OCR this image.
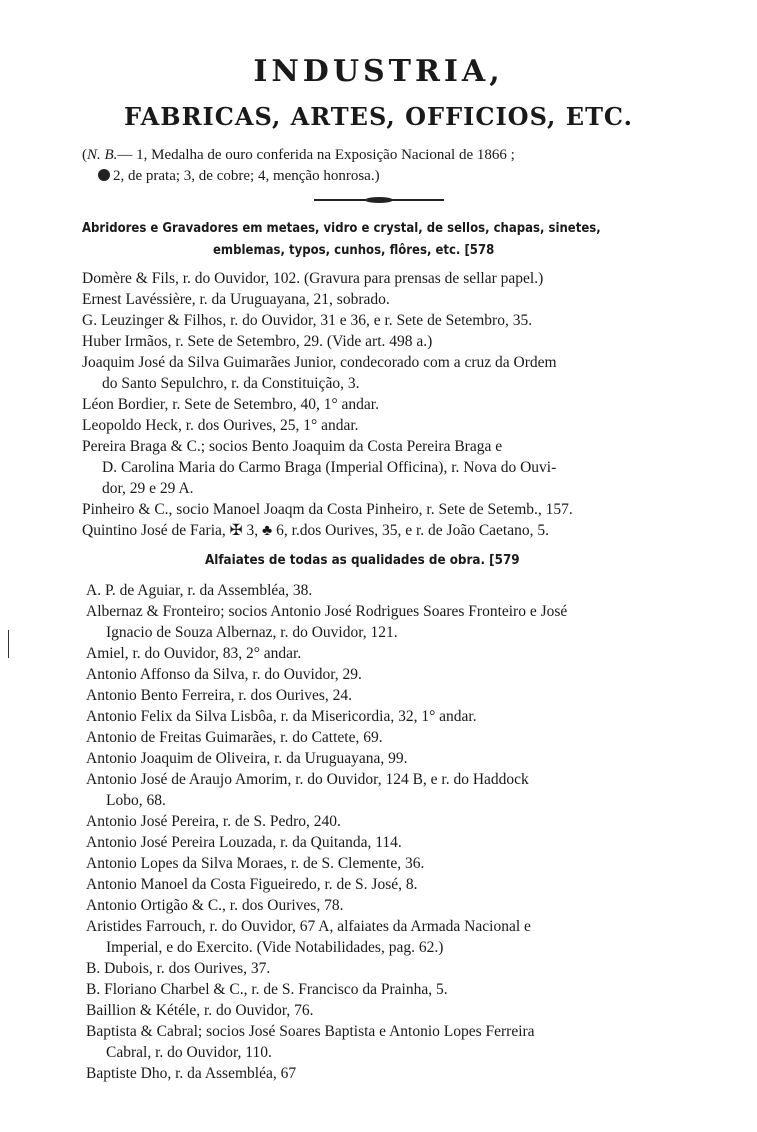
INDUSTRIA,
FABRICAS, ARTES, OFFICIOS, ETC.
(N. B.— 1, Medalha de ouro conferida na Exposição Nacional de 1866 ;
2, de prata; 3, de cobre; 4, menção honrosa.)
Abridores e Gravadores em metaes, vidro e crystal, de sellos, chapas, sinetes,
emblemas, typos, cunhos, flôres, etc. [578
Domère & Fils, r. do Ouvidor, 102. (Gravura para prensas de sellar papel.)
Ernest Lavéssière, r. da Uruguayana, 21, sobrado.
G. Leuzinger & Filhos, r. do Ouvidor, 31 e 36, e r. Sete de Setembro, 35.
Huber Irmãos, r. Sete de Setembro, 29. (Vide art. 498 a.)
Joaquim José da Silva Guimarães Junior, condecorado com a cruz da Ordem
do Santo Sepulchro, r. da Constituição, 3.
Léon Bordier, r. Sete de Setembro, 40, 1° andar.
Leopoldo Heck, r. dos Ourives, 25, 1° andar.
Pereira Braga & C.; socios Bento Joaquim da Costa Pereira Braga e
D. Carolina Maria do Carmo Braga (Imperial Officina), r. Nova do Ouvi-
dor, 29 e 29 A.
Pinheiro & C., socio Manoel Joaqm da Costa Pinheiro, r. Sete de Setemb., 157.
Quintino José de Faria, ✠ 3, ♣ 6, r.dos Ourives, 35, e r. de João Caetano, 5.
Alfaiates de todas as qualidades de obra. [579
A. P. de Aguiar, r. da Assembléa, 38.
Albernaz & Fronteiro; socios Antonio José Rodrigues Soares Fronteiro e José
Ignacio de Souza Albernaz, r. do Ouvidor, 121.
Amiel, r. do Ouvidor, 83, 2° andar.
Antonio Affonso da Silva, r. do Ouvidor, 29.
Antonio Bento Ferreira, r. dos Ourives, 24.
Antonio Felix da Silva Lisbôa, r. da Misericordia, 32, 1° andar.
Antonio de Freitas Guimarães, r. do Cattete, 69.
Antonio Joaquim de Oliveira, r. da Uruguayana, 99.
Antonio José de Araujo Amorim, r. do Ouvidor, 124 B, e r. do Haddock
Lobo, 68.
Antonio José Pereira, r. de S. Pedro, 240.
Antonio José Pereira Louzada, r. da Quitanda, 114.
Antonio Lopes da Silva Moraes, r. de S. Clemente, 36.
Antonio Manoel da Costa Figueiredo, r. de S. José, 8.
Antonio Ortigão & C., r. dos Ourives, 78.
Aristides Farrouch, r. do Ouvidor, 67 A, alfaiates da Armada Nacional e
Imperial, e do Exercito. (Vide Notabilidades, pag. 62.)
B. Dubois, r. dos Ourives, 37.
B. Floriano Charbel & C., r. de S. Francisco da Prainha, 5.
Baillion & Kétéle, r. do Ouvidor, 76.
Baptista & Cabral; socios José Soares Baptista e Antonio Lopes Ferreira
Cabral, r. do Ouvidor, 110.
Baptiste Dho, r. da Assembléa, 67
